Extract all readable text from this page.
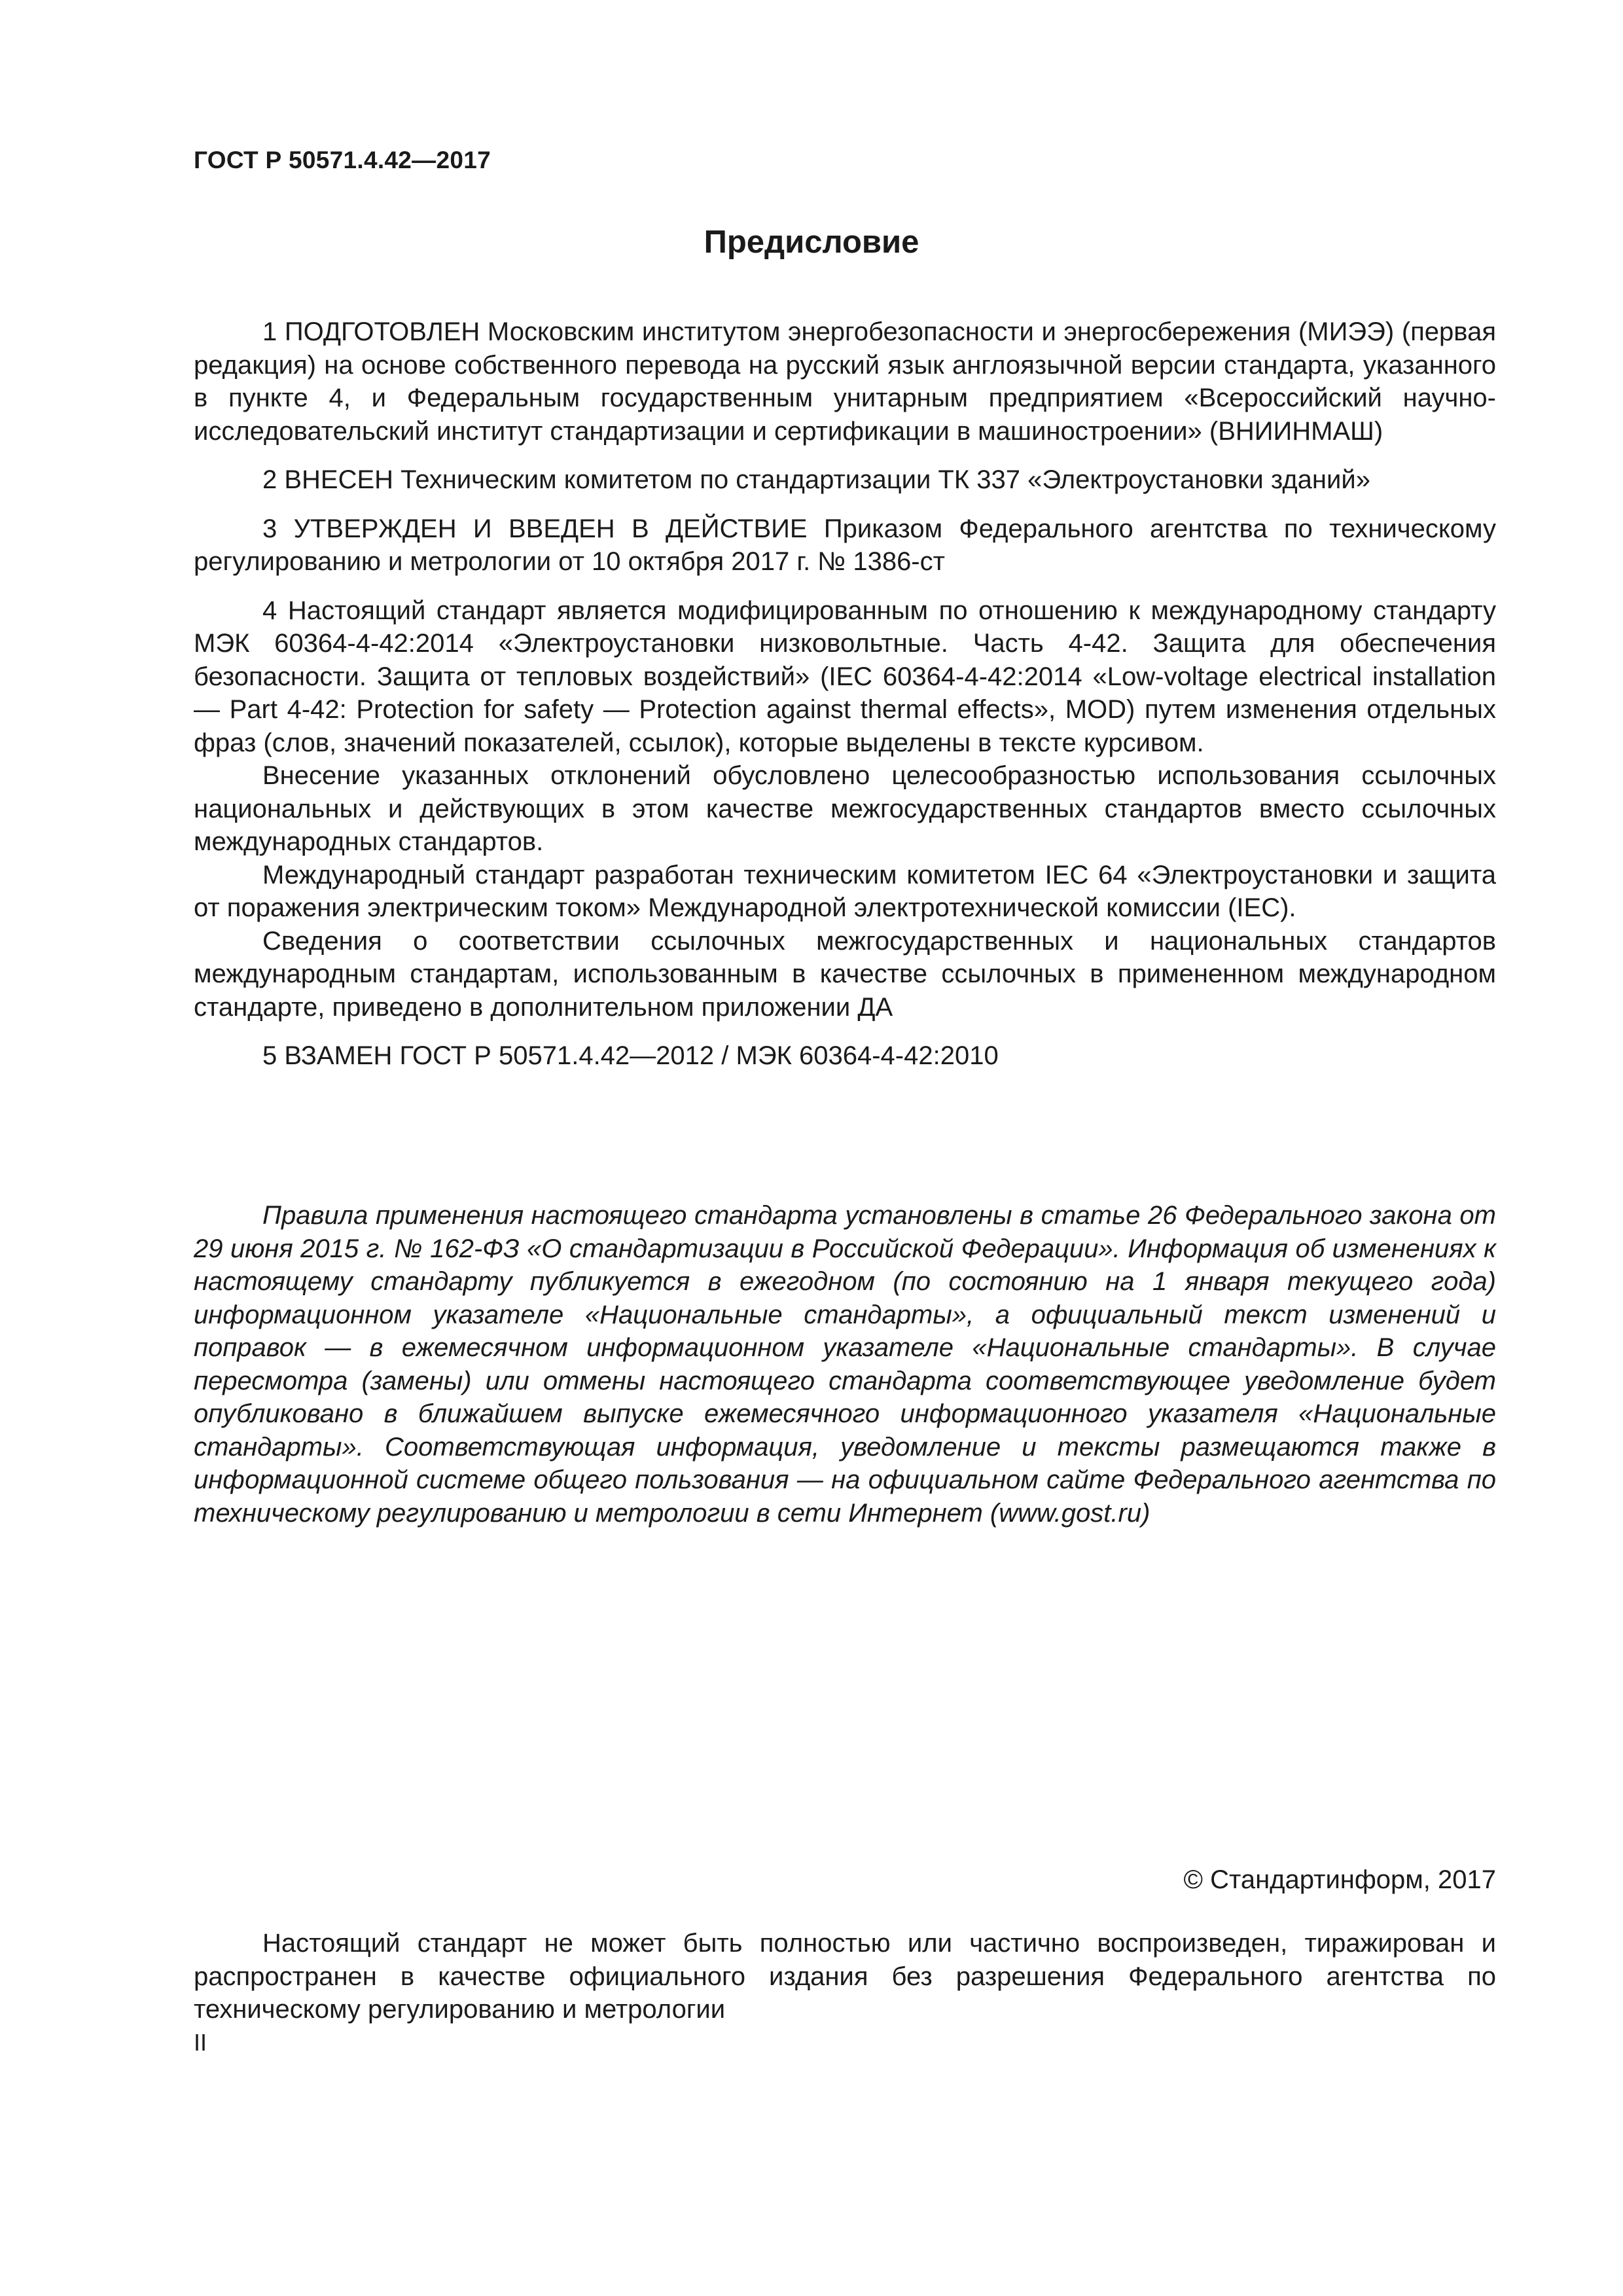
ГОСТ Р 50571.4.42—2017
Предисловие

1 ПОДГОТОВЛЕН Московским институтом энергобезопасности и энергосбережения (МИЭЭ) (первая редакция) на основе собственного перевода на русский язык англоязычной версии стандарта, указанного в пункте 4, и Федеральным государственным унитарным предприятием «Всероссийский научно-исследовательский институт стандартизации и сертификации в машиностроении» (ВНИИНМАШ)

2 ВНЕСЕН Техническим комитетом по стандартизации ТК 337 «Электроустановки зданий»

3 УТВЕРЖДЕН И ВВЕДЕН В ДЕЙСТВИЕ Приказом Федерального агентства по техническому регулированию и метрологии от 10 октября 2017 г. № 1386-ст

4 Настоящий стандарт является модифицированным по отношению к международному стандарту МЭК 60364-4-42:2014 «Электроустановки низковольтные. Часть 4-42. Защита для обеспечения безопасности. Защита от тепловых воздействий» (IEC 60364-4-42:2014 «Low-voltage electrical installation — Part 4-42: Protection for safety — Protection against thermal effects», MOD) путем изменения отдельных фраз (слов, значений показателей, ссылок), которые выделены в тексте курсивом.

Внесение указанных отклонений обусловлено целесообразностью использования ссылочных национальных и действующих в этом качестве межгосударственных стандартов вместо ссылочных международных стандартов.

Международный стандарт разработан техническим комитетом IEC 64 «Электроустановки и защита от поражения электрическим током» Международной электротехнической комиссии (IEC).

Сведения о соответствии ссылочных межгосударственных и национальных стандартов международным стандартам, использованным в качестве ссылочных в примененном международном стандарте, приведено в дополнительном приложении ДА

5 ВЗАМЕН ГОСТ Р 50571.4.42—2012 / МЭК 60364-4-42:2010

Правила применения настоящего стандарта установлены в статье 26 Федерального закона от 29 июня 2015 г. № 162-ФЗ «О стандартизации в Российской Федерации». Информация об изменениях к настоящему стандарту публикуется в ежегодном (по состоянию на 1 января текущего года) информационном указателе «Национальные стандарты», а официальный текст изменений и поправок — в ежемесячном информационном указателе «Национальные стандарты». В случае пересмотра (замены) или отмены настоящего стандарта соответствующее уведомление будет опубликовано в ближайшем выпуске ежемесячного информационного указателя «Национальные стандарты». Соответствующая информация, уведомление и тексты размещаются также в информационной системе общего пользования — на официальном сайте Федерального агентства по техническому регулированию и метрологии в сети Интернет (www.gost.ru)

© Стандартинформ, 2017

Настоящий стандарт не может быть полностью или частично воспроизведен, тиражирован и распространен в качестве официального издания без разрешения Федерального агентства по техническому регулированию и метрологии

II
